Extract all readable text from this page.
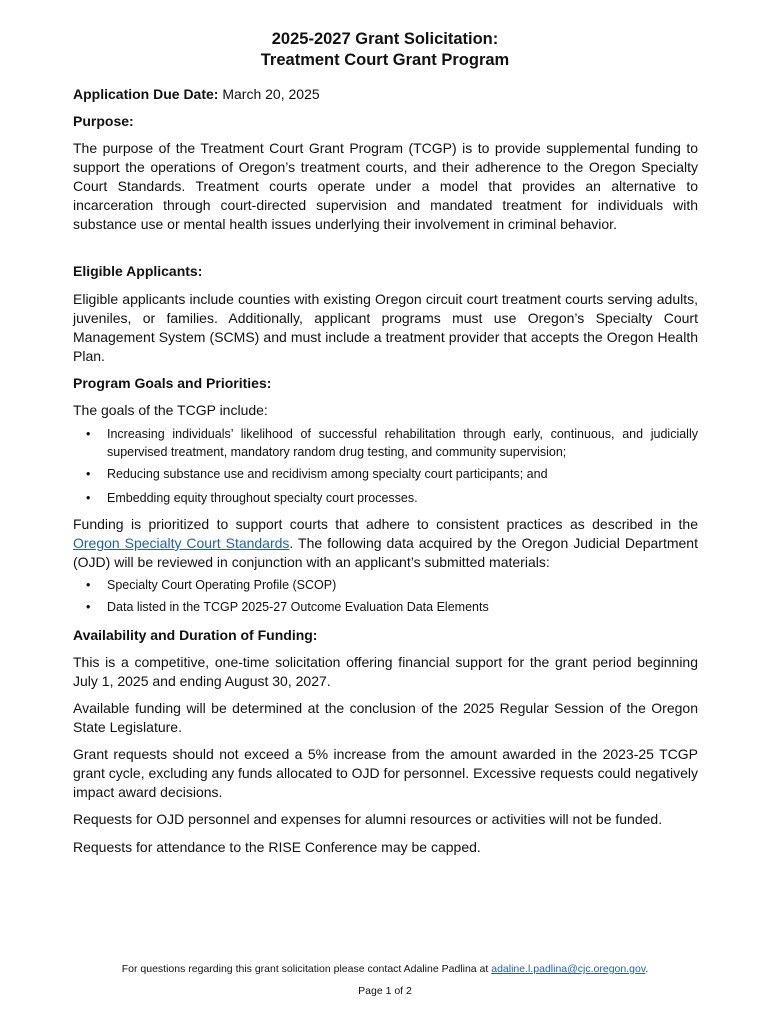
2025-2027 Grant Solicitation:
Treatment Court Grant Program
Application Due Date: March 20, 2025
Purpose:
The purpose of the Treatment Court Grant Program (TCGP) is to provide supplemental funding to support the operations of Oregon’s treatment courts, and their adherence to the Oregon Specialty Court Standards. Treatment courts operate under a model that provides an alternative to incarceration through court-directed supervision and mandated treatment for individuals with substance use or mental health issues underlying their involvement in criminal behavior.
Eligible Applicants:
Eligible applicants include counties with existing Oregon circuit court treatment courts serving adults, juveniles, or families. Additionally, applicant programs must use Oregon’s Specialty Court Management System (SCMS) and must include a treatment provider that accepts the Oregon Health Plan.
Program Goals and Priorities:
The goals of the TCGP include:
• Increasing individuals’ likelihood of successful rehabilitation through early, continuous, and judicially supervised treatment, mandatory random drug testing, and community supervision;
• Reducing substance use and recidivism among specialty court participants; and
• Embedding equity throughout specialty court processes.
Funding is prioritized to support courts that adhere to consistent practices as described in the Oregon Specialty Court Standards. The following data acquired by the Oregon Judicial Department (OJD) will be reviewed in conjunction with an applicant’s submitted materials:
• Specialty Court Operating Profile (SCOP)
• Data listed in the TCGP 2025-27 Outcome Evaluation Data Elements
Availability and Duration of Funding:
This is a competitive, one-time solicitation offering financial support for the grant period beginning July 1, 2025 and ending August 30, 2027.
Available funding will be determined at the conclusion of the 2025 Regular Session of the Oregon State Legislature.
Grant requests should not exceed a 5% increase from the amount awarded in the 2023-25 TCGP grant cycle, excluding any funds allocated to OJD for personnel. Excessive requests could negatively impact award decisions.
Requests for OJD personnel and expenses for alumni resources or activities will not be funded.
Requests for attendance to the RISE Conference may be capped.
For questions regarding this grant solicitation please contact Adaline Padlina at adaline.l.padlina@cjc.oregon.gov.
Page 1 of 2
